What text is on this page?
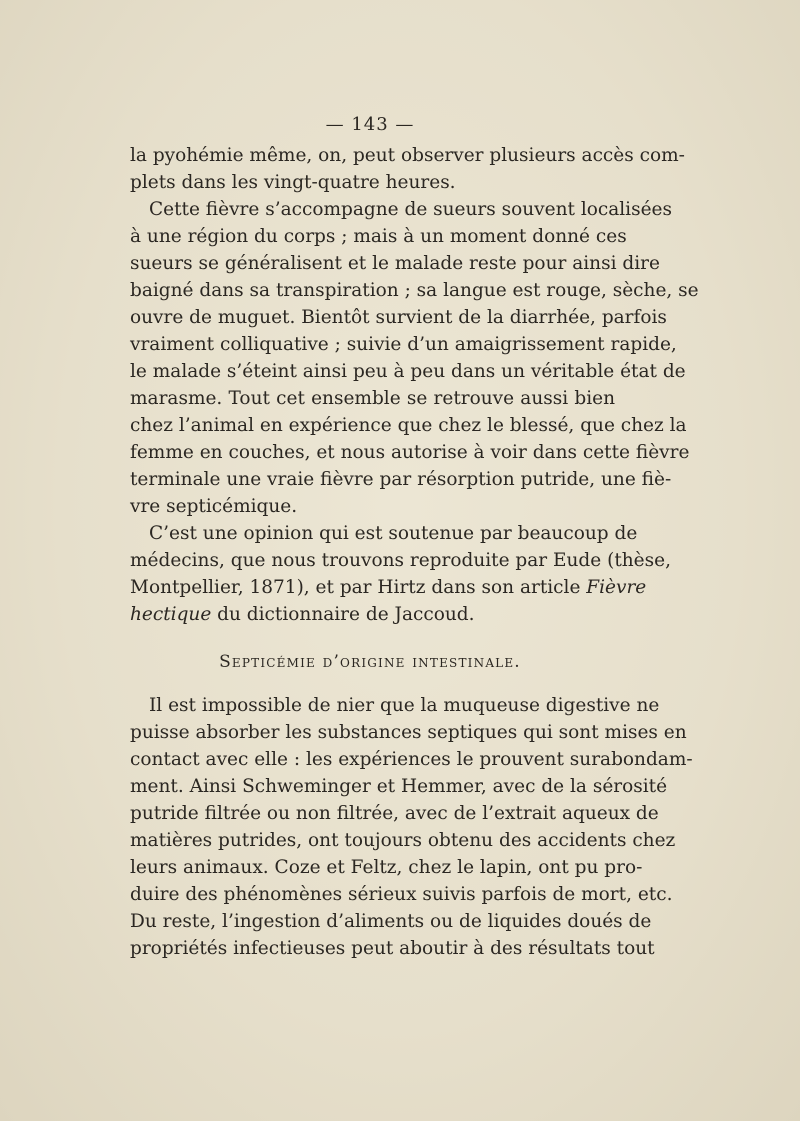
— 143 —
la pyohémie même, on, peut observer plusieurs accès com-
plets dans les vingt-quatre heures.
Cette fièvre s’accompagne de sueurs souvent localisées
à une région du corps ; mais à un moment donné ces
sueurs se généralisent et le malade reste pour ainsi dire
baigné dans sa transpiration ; sa langue est rouge, sèche, se
ouvre de muguet. Bientôt survient de la diarrhée, parfois
vraiment colliquative ; suivie d’un amaigrissement rapide,
le malade s’éteint ainsi peu à peu dans un véritable état de
marasme. Tout cet ensemble se retrouve aussi bien
chez l’animal en expérience que chez le blessé, que chez la
femme en couches, et nous autorise à voir dans cette fièvre
terminale une vraie fièvre par résorption putride, une fiè-
vre septicémique.
C’est une opinion qui est soutenue par beaucoup de
médecins, que nous trouvons reproduite par Eude (thèse,
Montpellier, 1871), et par Hirtz dans son article Fièvre
hectique du dictionnaire de Jaccoud.
Septicémie d’origine intestinale.
Il est impossible de nier que la muqueuse digestive ne
puisse absorber les substances septiques qui sont mises en
contact avec elle : les expériences le prouvent surabondam-
ment. Ainsi Schweminger et Hemmer, avec de la sérosité
putride filtrée ou non filtrée, avec de l’extrait aqueux de
matières putrides, ont toujours obtenu des accidents chez
leurs animaux. Coze et Feltz, chez le lapin, ont pu pro-
duire des phénomènes sérieux suivis parfois de mort, etc.
Du reste, l’ingestion d’aliments ou de liquides doués de
propriétés infectieuses peut aboutir à des résultats tout
